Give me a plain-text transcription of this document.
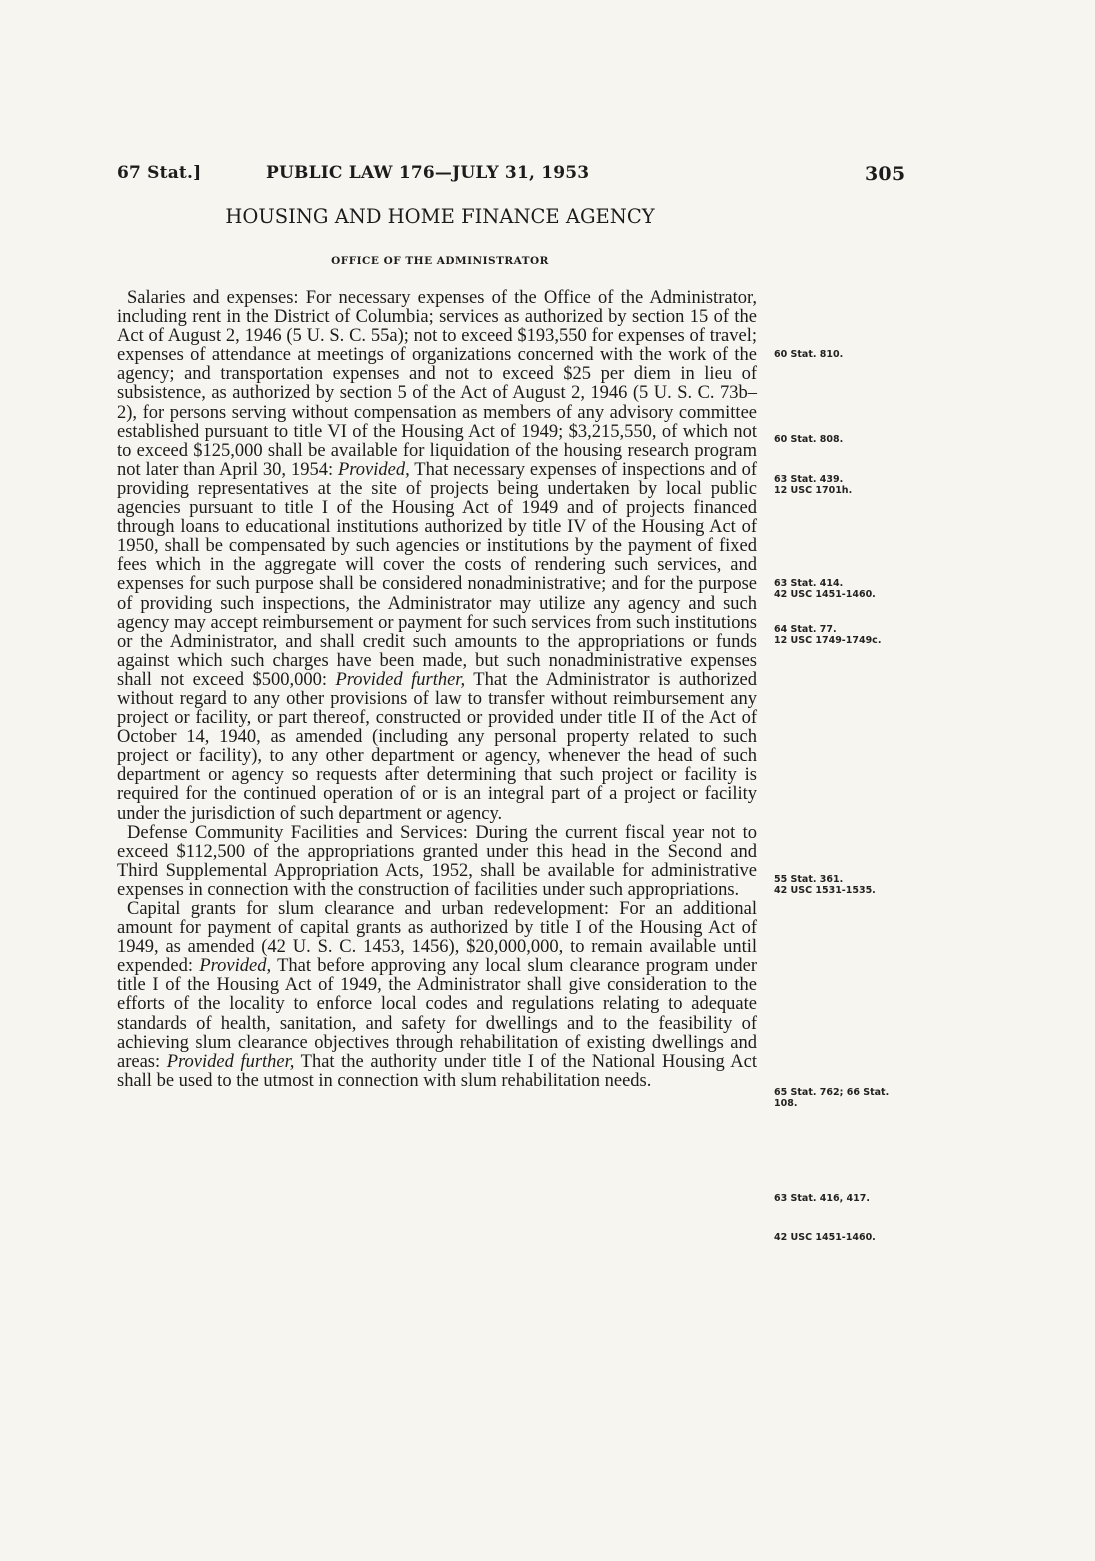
67 Stat.]	PUBLIC LAW 176—JULY 31, 1953	305
HOUSING AND HOME FINANCE AGENCY
OFFICE OF THE ADMINISTRATOR

Salaries and expenses: For necessary expenses of the Office of the Administrator, including rent in the District of Columbia; services as authorized by section 15 of the Act of August 2, 1946 (5 U. S. C. 55a); not to exceed $193,550 for expenses of travel; expenses of attendance at meetings of organizations concerned with the work of the agency; and transportation expenses and not to exceed $25 per diem in lieu of subsistence, as authorized by section 5 of the Act of August 2, 1946 (5 U. S. C. 73b–2), for persons serving without compensation as members of any advisory committee established pursuant to title VI of the Housing Act of 1949; $3,215,550, of which not to exceed $125,000 shall be available for liquidation of the housing research program not later than April 30, 1954: Provided, That necessary expenses of inspections and of providing representatives at the site of projects being undertaken by local public agencies pursuant to title I of the Housing Act of 1949 and of projects financed through loans to educational institutions authorized by title IV of the Housing Act of 1950, shall be compensated by such agencies or institutions by the payment of fixed fees which in the aggregate will cover the costs of rendering such services, and expenses for such purpose shall be considered nonadministrative; and for the purpose of providing such inspections, the Administrator may utilize any agency and such agency may accept reimbursement or payment for such services from such institutions or the Administrator, and shall credit such amounts to the appropriations or funds against which such charges have been made, but such nonadministrative expenses shall not exceed $500,000: Provided further, That the Administrator is authorized without regard to any other provisions of law to transfer without reimbursement any project or facility, or part thereof, constructed or provided under title II of the Act of October 14, 1940, as amended (including any personal property related to such project or facility), to any other department or agency, whenever the head of such department or agency so requests after determining that such project or facility is required for the continued operation of or is an integral part of a project or facility under the jurisdiction of such department or agency.

Defense Community Facilities and Services: During the current fiscal year not to exceed $112,500 of the appropriations granted under this head in the Second and Third Supplemental Appropriation Acts, 1952, shall be available for administrative expenses in connection with the construction of facilities under such appropriations.

Capital grants for slum clearance and urban redevelopment: For an additional amount for payment of capital grants as authorized by title I of the Housing Act of 1949, as amended (42 U. S. C. 1453, 1456), $20,000,000, to remain available until expended: Provided, That before approving any local slum clearance program under title I of the Housing Act of 1949, the Administrator shall give consideration to the efforts of the locality to enforce local codes and regulations relating to adequate standards of health, sanitation, and safety for dwellings and to the feasibility of achieving slum clearance objectives through rehabilitation of existing dwellings and areas: Provided further, That the authority under title I of the National Housing Act shall be used to the utmost in connection with slum rehabilitation needs.

60 Stat. 810.
60 Stat. 808.
63 Stat. 439.
12 USC 1701h.
63 Stat. 414.
42 USC 1451-1460.
64 Stat. 77.
12 USC 1749-1749c.
55 Stat. 361.
42 USC 1531-1535.
65 Stat. 762; 66 Stat. 108.
63 Stat. 416, 417.
42 USC 1451-1460.
